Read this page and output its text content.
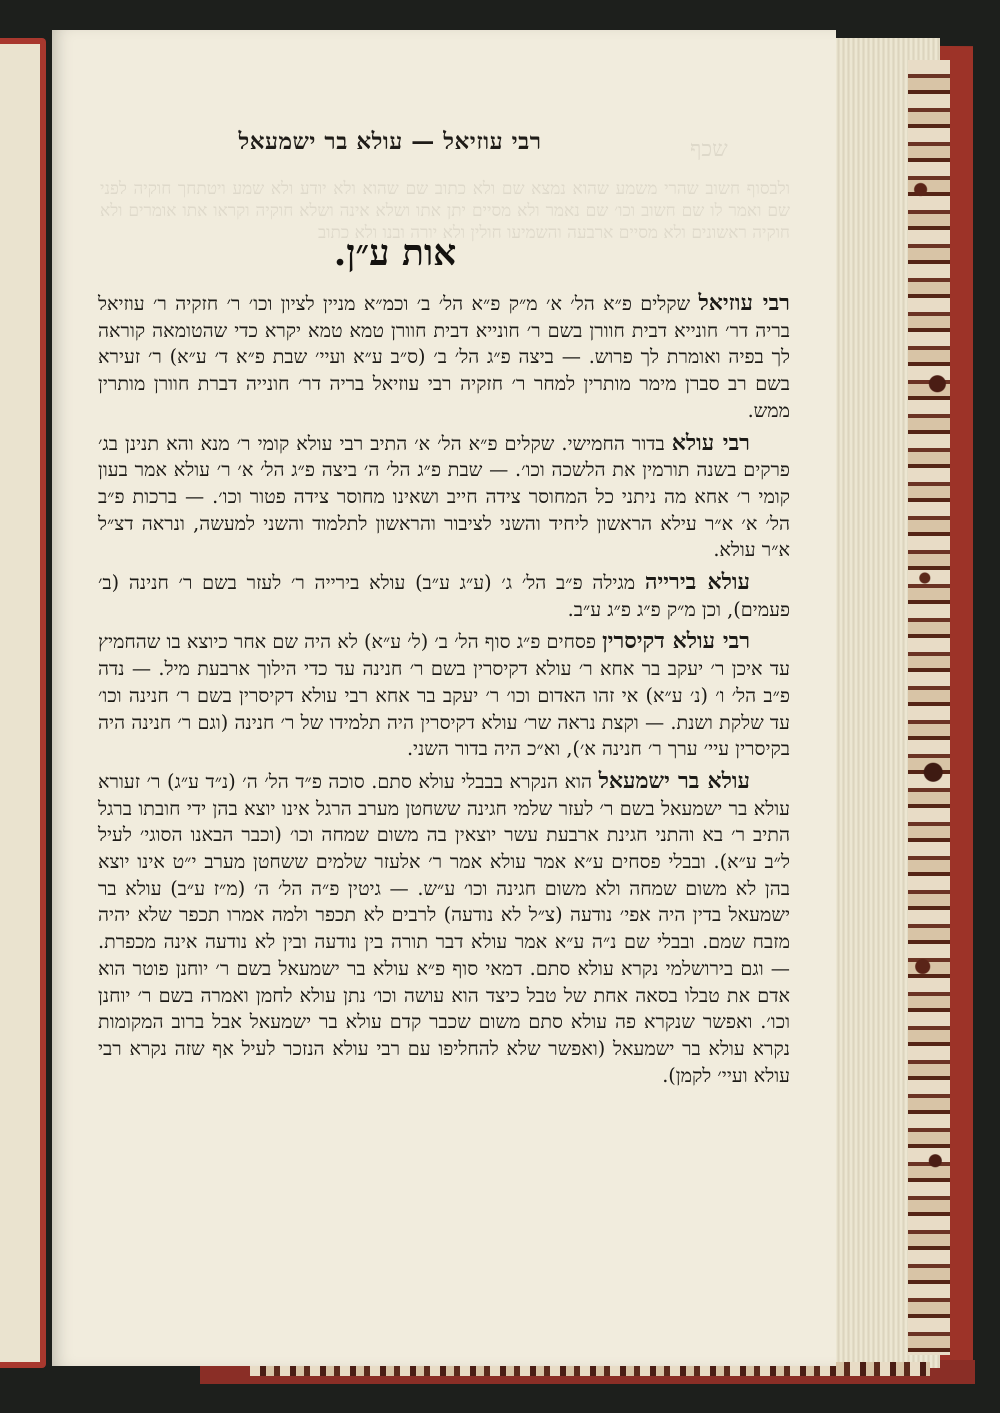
שכף
ולבסוף חשוב שהרי משמע שהוא נמצא שם ולא כתוב שם שהוא ולא יודע ולא שמע ויטתחך חוקיה לפני שם ואמר לו שם חשוב וכו׳ שם נאמר ולא מסיים יתן אתו ושלא אינה ושלא חוקיה וקראו אתו אומרים ולא חוקיה ראשונים ולא מסיים ארבעה והשמיעו חולין ולא יורה ובנו ולא כתוב
רבי עוזיאל — עולא בר ישמעאל
אות ע״ן.

רבי עוזיאל שקלים פ״א הל׳ א׳ מ״ק פ״א הל׳ ב׳ וכמ״א מניין לציון וכו׳ ר׳ חזקיה ר׳ עוזיאל בריה דר׳ חונייא דבית חוורן בשם ר׳ חונייא דבית חוורן טמא טמא יקרא כדי שהטומאה קוראה לך בפיה ואומרת לך פרוש. — ביצה פ״ג הל׳ ב׳ (ס״ב ע״א ועיי׳ שבת פ״א ד׳ ע״א) ר׳ זעירא בשם רב סברן מימר מותרין למחר ר׳ חזקיה רבי עוזיאל בריה דר׳ חונייה דברת חוורן מותרין ממש.

רבי עולא בדור החמישי. שקלים פ״א הל׳ א׳ התיב רבי עולא קומי ר׳ מנא והא תנינן בג׳ פרקים בשנה תורמין את הלשכה וכו׳. — שבת פ״ג הל׳ ה׳ ביצה פ״ג הל׳ א׳ ר׳ עולא אמר בעון קומי ר׳ אחא מה ניתני כל המחוסר צידה חייב ושאינו מחוסר צידה פטור וכו׳. — ברכות פ״ב הל׳ א׳ א״ר עילא הראשון ליחיד והשני לציבור והראשון לתלמוד והשני למעשה, ונראה דצ״ל א״ר עולא.

עולא בירייה מגילה פ״ב הל׳ ג׳ (ע״ג ע״ב) עולא בירייה ר׳ לעזר בשם ר׳ חנינה (ב׳ פעמים), וכן מ״ק פ״ג פ״ג ע״ב.

רבי עולא דקיסרין פסחים פ״ג סוף הל׳ ב׳ (ל׳ ע״א) לא היה שם אחר כיוצא בו שהחמיץ עד איכן ר׳ יעקב בר אחא ר׳ עולא דקיסרין בשם ר׳ חנינה עד כדי הילוך ארבעת מיל. — נדה פ״ב הל׳ ו׳ (נ׳ ע״א) אי זהו האדום וכו׳ ר׳ יעקב בר אחא רבי עולא דקיסרין בשם ר׳ חנינה וכו׳ עד שלקת ושנת. — וקצת נראה שר׳ עולא דקיסרין היה תלמידו של ר׳ חנינה (וגם ר׳ חנינה היה בקיסרין עיי׳ ערך ר׳ חנינה א׳), וא״כ היה בדור השני.

עולא בר ישמעאל הוא הנקרא בבבלי עולא סתם. סוכה פ״ד הל׳ ה׳ (נ״ד ע״ג) ר׳ זעורא עולא בר ישמעאל בשם ר׳ לעזר שלמי חגינה ששחטן מערב הרגל אינו יוצא בהן ידי חובתו ברגל התיב ר׳ בא והתני חגינת ארבעת עשר יוצאין בה משום שמחה וכו׳ (וכבר הבאנו הסוגי׳ לעיל ל״ב ע״א). ובבלי פסחים ע״א אמר עולא אמר ר׳ אלעזר שלמים ששחטן מערב י״ט אינו יוצא בהן לא משום שמחה ולא משום חגינה וכו׳ ע״ש. — גיטין פ״ה הל׳ ה׳ (מ״ז ע״ב) עולא בר ישמעאל בדין היה אפי׳ נודעה (צ״ל לא נודעה) לרבים לא תכפר ולמה אמרו תכפר שלא יהיה מזבח שמם. ובבלי שם נ״ה ע״א אמר עולא דבר תורה בין נודעה ובין לא נודעה אינה מכפרת. — וגם בירושלמי נקרא עולא סתם. דמאי סוף פ״א עולא בר ישמעאל בשם ר׳ יוחנן פוטר הוא אדם את טבלו בסאה אחת של טבל כיצד הוא עושה וכו׳ נתן עולא לחמן ואמרה בשם ר׳ יוחנן וכו׳. ואפשר שנקרא פה עולא סתם משום שכבר קדם עולא בר ישמעאל אבל ברוב המקומות נקרא עולא בר ישמעאל (ואפשר שלא להחליפו עם רבי עולא הנזכר לעיל אף שזה נקרא רבי עולא ועיי׳ לקמן).
